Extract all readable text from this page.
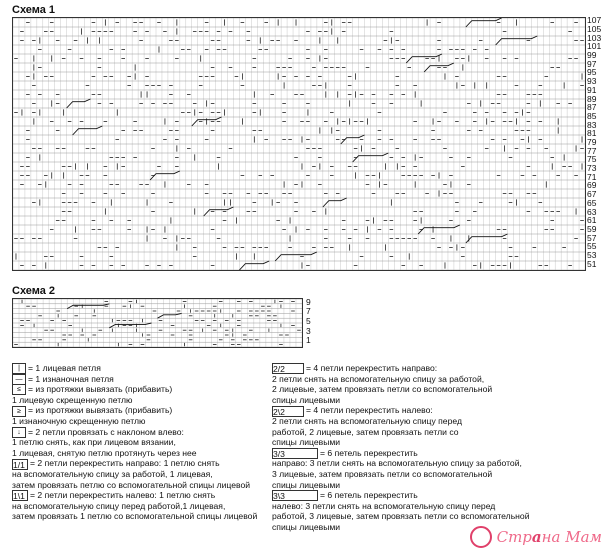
Схема 1
107
105
103
101
99
97
95
93
91
89
87
85
83
81
79
77
75
73
71
69
67
65
63
61
59
57
55
53
51
Схема 2
9
7
5
3
1
| = 1 лицевая петля
— = 1 изнаночная петля
≤ = из протяжки вывязать (прибавить)
1 лицевую скрещенную петлю
≥ = из протяжки вывязать (прибавить)
1 изнаночную скрещенную петлю
↓ = 2 петли провязать с наклоном влево:
1 петлю снять, как при лицевом вязании,
1 лицевая, снятую петлю протянуть через нее
1/1 = 2 петли перекрестить направо: 1 петлю снять
на вспомогательную спицу за работой, 1 лицевая,
затем провязать петлю со вспомогательной спицы лицевой
1\1 = 2 петли перекрестить налево: 1 петлю снять
на вспомогательную спицу перед работой,1 лицевая,
затем провязать 1 петлю со вспомогательной спицы лицевой
2/2 = 4 петли перекрестить направо:
2 петли снять на вспомогательную спицу за работой,
2 лицевые, затем провязать петли со вспомогательной
спицы лицевыми
2\2 = 4 петли перекрестить налево:
2 петли снять на вспомогательную спицу перед
работой, 2 лицевые, затем провязать петли со
спицы лицевыми
3/3	= 6 петель перекрестить
направо: 3 петли снять на вспомогательную спицу за работой,
3 лицевые, затем провязать петли со вспомогательной
спицы лицевыми
3\3	= 6 петель перекрестить
налево: 3 петли снять на вспомогательную спицу перед
работой, 3 лицевые, затем провязать петли со вспомогательной
спицы лицевыми
Страна Мам
